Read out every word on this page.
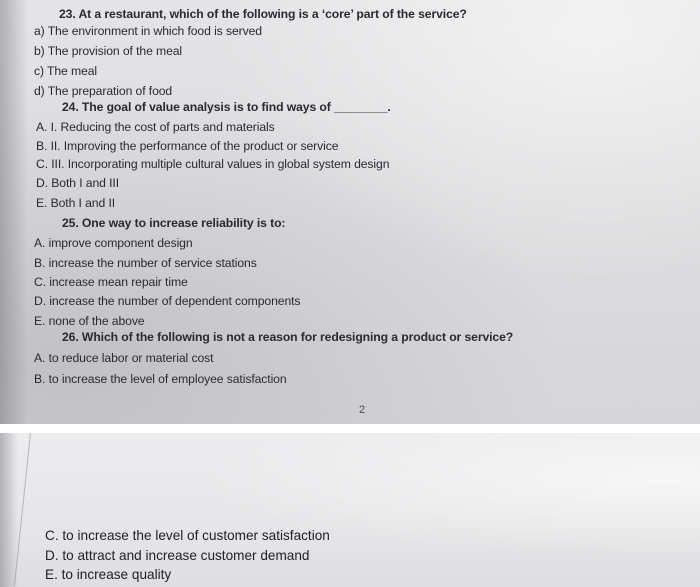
23. At a restaurant, which of the following is a ‘core’ part of the service?
a) The environment in which food is served
b) The provision of the meal
c) The meal
d) The preparation of food
24. The goal of value analysis is to find ways of ________.
A. I. Reducing the cost of parts and materials
B. II. Improving the performance of the product or service
C. III. Incorporating multiple cultural values in global system design
D. Both I and III
E. Both I and II
25. One way to increase reliability is to:
A. improve component design
B. increase the number of service stations
C. increase mean repair time
D. increase the number of dependent components
E. none of the above
26. Which of the following is not a reason for redesigning a product or service?
A. to reduce labor or material cost
B. to increase the level of employee satisfaction
2
C. to increase the level of customer satisfaction
D. to attract and increase customer demand
E. to increase quality
